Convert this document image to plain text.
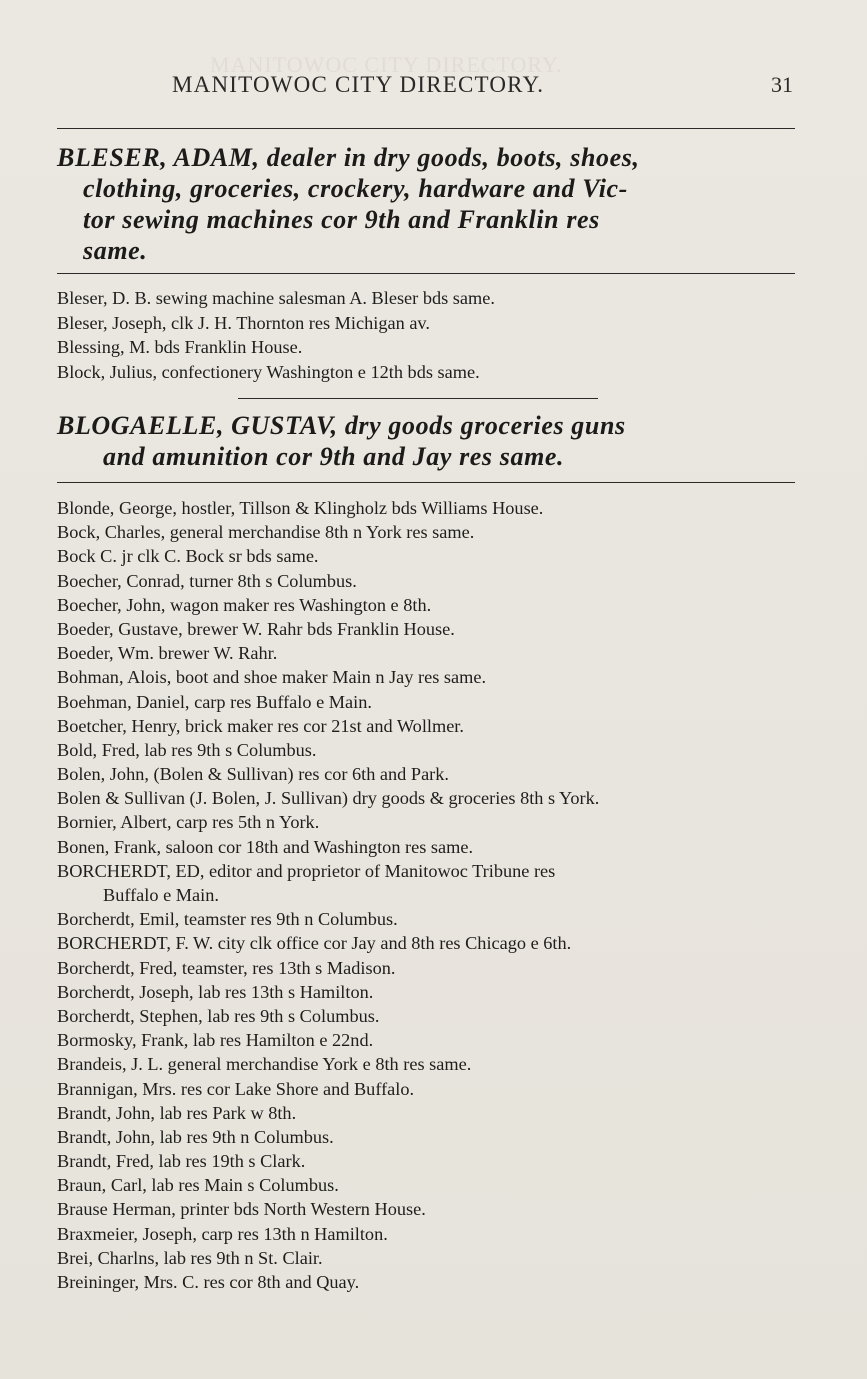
MANITOWOC CITY DIRECTORY.
MANITOWOC CITY DIRECTORY.	31
BLESER, ADAM, dealer in dry goods, boots, shoes,
clothing, groceries, crockery, hardware and Vic-
tor sewing machines cor 9th and Franklin res
same.
Bleser, D. B. sewing machine salesman A. Bleser bds same.
Bleser, Joseph, clk J. H. Thornton res Michigan av.
Blessing, M. bds Franklin House.
Block, Julius, confectionery Washington e 12th bds same.
BLOGAELLE, GUSTAV, dry goods groceries guns
and amunition cor 9th and Jay res same.
Blonde, George, hostler, Tillson & Klingholz bds Williams House.
Bock, Charles, general merchandise 8th n York res same.
Bock C. jr clk C. Bock sr bds same.
Boecher, Conrad, turner 8th s Columbus.
Boecher, John, wagon maker res Washington e 8th.
Boeder, Gustave, brewer W. Rahr bds Franklin House.
Boeder, Wm. brewer W. Rahr.
Bohman, Alois, boot and shoe maker Main n Jay res same.
Boehman, Daniel, carp res Buffalo e Main.
Boetcher, Henry, brick maker res cor 21st and Wollmer.
Bold, Fred, lab res 9th s Columbus.
Bolen, John, (Bolen & Sullivan) res cor 6th and Park.
Bolen & Sullivan (J. Bolen, J. Sullivan) dry goods & groceries 8th s York.
Bornier, Albert, carp res 5th n York.
Bonen, Frank, saloon cor 18th and Washington res same.
BORCHERDT, ED, editor and proprietor of Manitowoc Tribune res
Buffalo e Main.
Borcherdt, Emil, teamster res 9th n Columbus.
BORCHERDT, F. W. city clk office cor Jay and 8th res Chicago e 6th.
Borcherdt, Fred, teamster, res 13th s Madison.
Borcherdt, Joseph, lab res 13th s Hamilton.
Borcherdt, Stephen, lab res 9th s Columbus.
Bormosky, Frank, lab res Hamilton e 22nd.
Brandeis, J. L. general merchandise York e 8th res same.
Brannigan, Mrs. res cor Lake Shore and Buffalo.
Brandt, John, lab res Park w 8th.
Brandt, John, lab res 9th n Columbus.
Brandt, Fred, lab res 19th s Clark.
Braun, Carl, lab res Main s Columbus.
Brause Herman, printer bds North Western House.
Braxmeier, Joseph, carp res 13th n Hamilton.
Brei, Charlns, lab res 9th n St. Clair.
Breininger, Mrs. C. res cor 8th and Quay.
